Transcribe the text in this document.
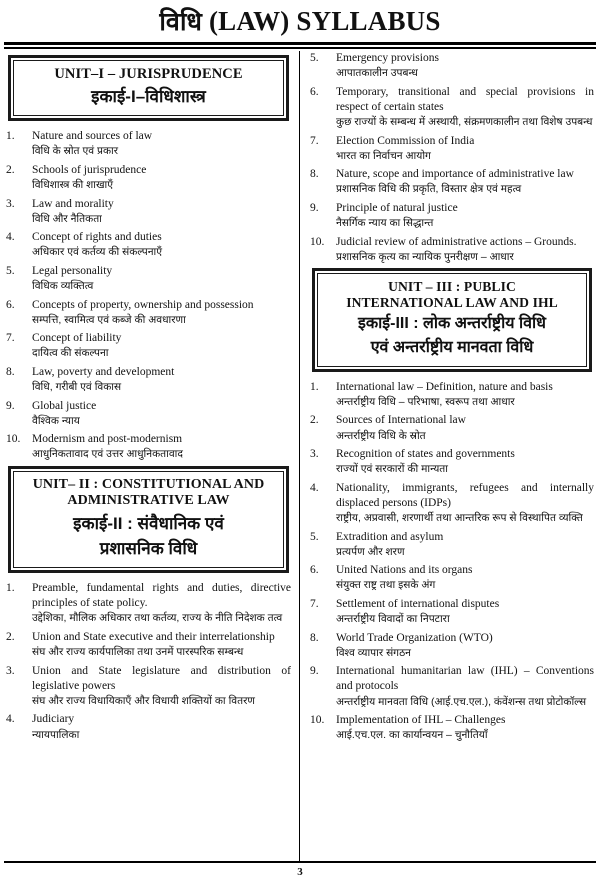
विधि (LAW) SYLLABUS
UNIT–I – JURISPRUDENCE
इकाई-I–विधिशास्त्र
1.	Nature and sources of law
विधि के स्रोत एवं प्रकार
2.	Schools of jurisprudence
विधिशास्त्र की शाखाएँ
3.	Law and morality
विधि और नैतिकता
4.	Concept of rights and duties
अधिकार एवं कर्तव्य की संकल्पनाएँ
5.	Legal personality
विधिक व्यक्तित्व
6.	Concepts of property, ownership and possession
सम्पत्ति, स्वामित्व एवं कब्जे की अवधारणा
7.	Concept of liability
दायित्व की संकल्पना
8.	Law, poverty and development
विधि, गरीबी एवं विकास
9.	Global justice
वैश्विक न्याय
10.	Modernism and post-modernism
आधुनिकतावाद एवं उत्तर आधुनिकतावाद
UNIT– II : CONSTITUTIONAL AND ADMINISTRATIVE LAW
इकाई-II : संवैधानिक एवं
प्रशासनिक विधि
1.	Preamble, fundamental rights and duties, directive principles of state policy.
उद्देशिका, मौलिक अधिकार तथा कर्तव्य, राज्य के नीति निदेशक तत्व
2.	Union and State executive and their interrelationship
संघ और राज्य कार्यपालिका तथा उनमें पारस्परिक सम्बन्ध
3.	Union and State legislature and distribution of legislative powers
संघ और राज्य विधायिकाएँ और विधायी शक्तियों का वितरण
4.	Judiciary
न्यायपालिका
5.	Emergency provisions
आपातकालीन उपबन्ध
6.	Temporary, transitional and special provisions in respect of certain states
कुछ राज्यों के सम्बन्ध में अस्थायी, संक्रमणकालीन तथा विशेष उपबन्ध
7.	Election Commission of India
भारत का निर्वाचन आयोग
8.	Nature, scope and importance of administrative law
प्रशासनिक विधि की प्रकृति, विस्तार क्षेत्र एवं महत्व
9.	Principle of natural justice
नैसर्गिक न्याय का सिद्धान्त
10.	Judicial review of administrative actions – Grounds.
प्रशासनिक कृत्य का न्यायिक पुनरीक्षण – आधार
UNIT – III : PUBLIC
INTERNATIONAL LAW AND IHL
इकाई-III : लोक अन्तर्राष्ट्रीय विधि
एवं अन्तर्राष्ट्रीय मानवता विधि
1.	International law – Definition, nature and basis
अन्तर्राष्ट्रीय विधि – परिभाषा, स्वरूप तथा आधार
2.	Sources of International law
अन्तर्राष्ट्रीय विधि के स्रोत
3.	Recognition of states and governments
राज्यों एवं सरकारों की मान्यता
4.	Nationality, immigrants, refugees and internally displaced persons (IDPs)
राष्ट्रीय, अप्रवासी, शरणार्थी तथा आन्तरिक रूप से विस्थापित व्यक्ति
5.	Extradition and asylum
प्रत्यर्पण और शरण
6.	United Nations and its organs
संयुक्त राष्ट्र तथा इसके अंग
7.	Settlement of international disputes
अन्तर्राष्ट्रीय विवादों का निपटारा
8.	World Trade Organization (WTO)
विश्व व्यापार संगठन
9.	International humanitarian law (IHL) – Conventions and protocols
अन्तर्राष्ट्रीय मानवता विधि (आई.एच.एल.), कंवेंशन्स तथा प्रोटोकॉल्स
10.	Implementation of IHL – Challenges
आई.एच.एल. का कार्यान्वयन – चुनौतियाँ
3
